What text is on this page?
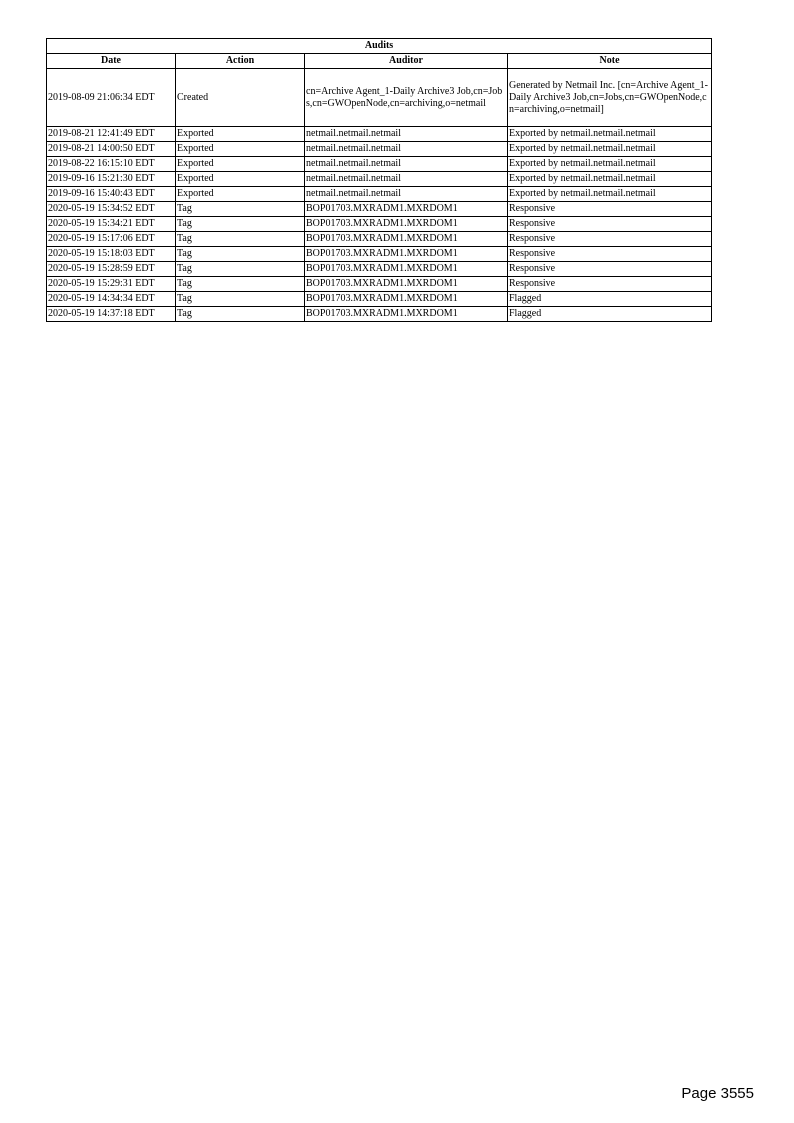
Audits			
Date	Action	Auditor	Note
2019-08-09 21:06:34 EDT	Created	cn=Archive Agent_1-Daily Archive3 Job,cn=Jobs,cn=GWOpenNode,cn=archiving,o=netmail	Generated by Netmail Inc. [cn=Archive Agent_1-Daily Archive3 Job,cn=Jobs,cn=GWOpenNode,cn=archiving,o=netmail]
2019-08-21 12:41:49 EDT	Exported	netmail.netmail.netmail	Exported by netmail.netmail.netmail
2019-08-21 14:00:50 EDT	Exported	netmail.netmail.netmail	Exported by netmail.netmail.netmail
2019-08-22 16:15:10 EDT	Exported	netmail.netmail.netmail	Exported by netmail.netmail.netmail
2019-09-16 15:21:30 EDT	Exported	netmail.netmail.netmail	Exported by netmail.netmail.netmail
2019-09-16 15:40:43 EDT	Exported	netmail.netmail.netmail	Exported by netmail.netmail.netmail
2020-05-19 15:34:52 EDT	Tag	BOP01703.MXRADM1.MXRDOM1	Responsive
2020-05-19 15:34:21 EDT	Tag	BOP01703.MXRADM1.MXRDOM1	Responsive
2020-05-19 15:17:06 EDT	Tag	BOP01703.MXRADM1.MXRDOM1	Responsive
2020-05-19 15:18:03 EDT	Tag	BOP01703.MXRADM1.MXRDOM1	Responsive
2020-05-19 15:28:59 EDT	Tag	BOP01703.MXRADM1.MXRDOM1	Responsive
2020-05-19 15:29:31 EDT	Tag	BOP01703.MXRADM1.MXRDOM1	Responsive
2020-05-19 14:34:34 EDT	Tag	BOP01703.MXRADM1.MXRDOM1	Flagged
2020-05-19 14:37:18 EDT	Tag	BOP01703.MXRADM1.MXRDOM1	Flagged
Page 3555
